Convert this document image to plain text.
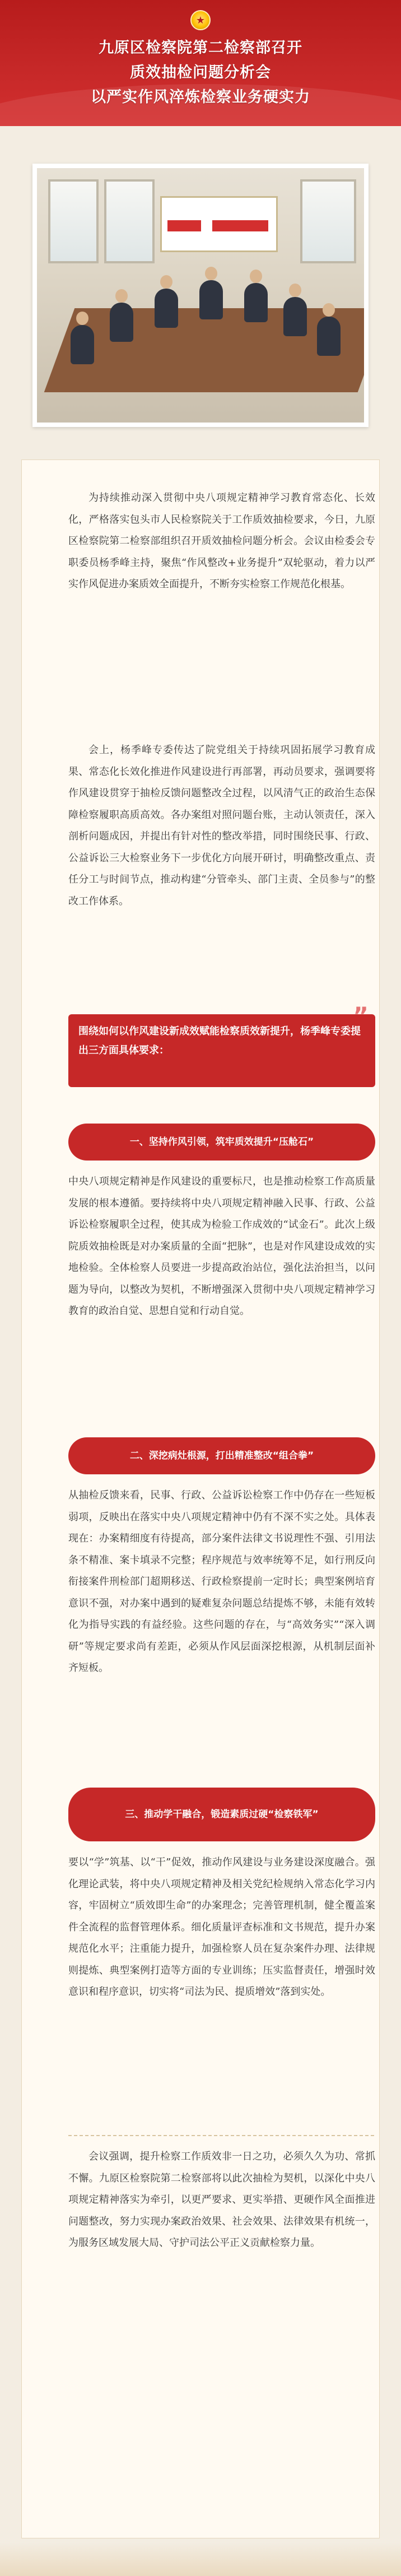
★
九原区检察院第二检察部召开
质效抽检问题分析会
以严实作风淬炼检察业务硬实力

为持续推动深入贯彻中央八项规定精神学习教育常态化、长效化，严格落实包头市人民检察院关于工作质效抽检要求，今日，九原区检察院第二检察部组织召开质效抽检问题分析会。会议由检委会专职委员杨季峰主持，聚焦“作风整改+业务提升”双轮驱动，着力以严实作风促进办案质效全面提升，不断夯实检察工作规范化根基。

会上，杨季峰专委传达了院党组关于持续巩固拓展学习教育成果、常态化长效化推进作风建设进行再部署，再动员要求，强调要将作风建设贯穿于抽检反馈问题整改全过程，以风清气正的政治生态保障检察履职高质高效。各办案组对照问题台账，主动认领责任，深入剖析问题成因，并提出有针对性的整改举措，同时围绕民事、行政、公益诉讼三大检察业务下一步优化方向展开研讨，明确整改重点、责任分工与时间节点，推动构建“分管牵头、部门主责、全员参与”的整改工作体系。

”

围绕如何以作风建设新成效赋能检察质效新提升，杨季峰专委提出三方面具体要求：

一、坚持作风引领，筑牢质效提升“压舱石”

中央八项规定精神是作风建设的重要标尺，也是推动检察工作高质量发展的根本遵循。要持续将中央八项规定精神融入民事、行政、公益诉讼检察履职全过程，使其成为检验工作成效的“试金石”。此次上级院质效抽检既是对办案质量的全面“把脉”，也是对作风建设成效的实地检验。全体检察人员要进一步提高政治站位，强化法治担当，以问题为导向，以整改为契机，不断增强深入贯彻中央八项规定精神学习教育的政治自觉、思想自觉和行动自觉。

二、深挖病灶根源，打出精准整改“组合拳”

从抽检反馈来看，民事、行政、公益诉讼检察工作中仍存在一些短板弱项，反映出在落实中央八项规定精神中仍有不深不实之处。具体表现在：办案精细度有待提高，部分案件法律文书说理性不强、引用法条不精准、案卡填录不完整；程序规范与效率统筹不足，如行刑反向衔接案件刑检部门超期移送、行政检察提前一定时长；典型案例培育意识不强，对办案中遇到的疑难复杂问题总结提炼不够，未能有效转化为指导实践的有益经验。这些问题的存在，与“高效务实”“深入调研”等规定要求尚有差距，必须从作风层面深挖根源，从机制层面补齐短板。

三、推动学干融合，锻造素质过硬“检察铁军”

要以“学”筑基、以“干”促效，推动作风建设与业务建设深度融合。强化理论武装，将中央八项规定精神及相关党纪检规纳入常态化学习内容，牢固树立“质效即生命”的办案理念；完善管理机制，健全覆盖案件全流程的监督管理体系。细化质量评查标准和文书规范，提升办案规范化水平；注重能力提升，加强检察人员在复杂案件办理、法律规则提炼、典型案例打造等方面的专业训练；压实监督责任，增强时效意识和程序意识，切实将“司法为民、提质增效”落到实处。

会议强调，提升检察工作质效非一日之功，必须久久为功、常抓不懈。九原区检察院第二检察部将以此次抽检为契机，以深化中央八项规定精神落实为牵引，以更严要求、更实举措、更硬作风全面推进问题整改，努力实现办案政治效果、社会效果、法律效果有机统一，为服务区域发展大局、守护司法公平正义贡献检察力量。
